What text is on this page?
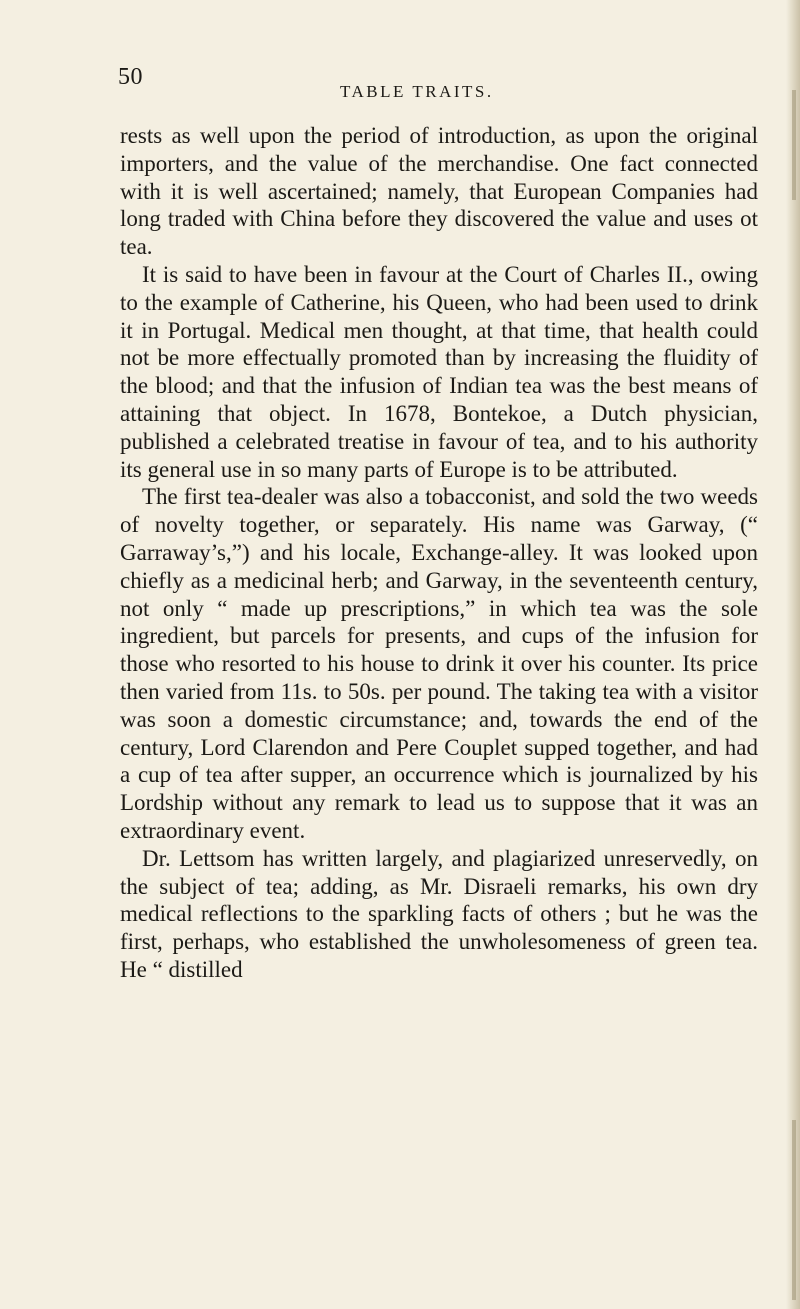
50
TABLE TRAITS.

rests as well upon the period of introduction, as upon the original importers, and the value of the merchandise. One fact connected with it is well ascertained; namely, that European Companies had long traded with China before they discovered the value and uses ot tea.

It is said to have been in favour at the Court of Charles II., owing to the example of Catherine, his Queen, who had been used to drink it in Portugal. Medical men thought, at that time, that health could not be more effectually promoted than by increasing the fluidity of the blood; and that the infusion of Indian tea was the best means of attaining that object. In 1678, Bontekoe, a Dutch physician, published a celebrated treatise in favour of tea, and to his authority its general use in so many parts of Europe is to be attributed.

The first tea-dealer was also a tobacconist, and sold the two weeds of novelty together, or separately. His name was Garway, (“ Garraway’s,”) and his locale, Exchange-alley. It was looked upon chiefly as a medicinal herb; and Garway, in the seventeenth century, not only “ made up prescriptions,” in which tea was the sole ingredient, but parcels for presents, and cups of the infusion for those who resorted to his house to drink it over his counter. Its price then varied from 11s. to 50s. per pound. The taking tea with a visitor was soon a domestic circumstance; and, towards the end of the century, Lord Clarendon and Pere Couplet supped together, and had a cup of tea after supper, an occurrence which is journalized by his Lordship without any remark to lead us to suppose that it was an extraordinary event.

Dr. Lettsom has written largely, and plagiarized unreservedly, on the subject of tea; adding, as Mr. Disraeli remarks, his own dry medical reflections to the sparkling facts of others ; but he was the first, perhaps, who established the unwholesomeness of green tea. He “ distilled
